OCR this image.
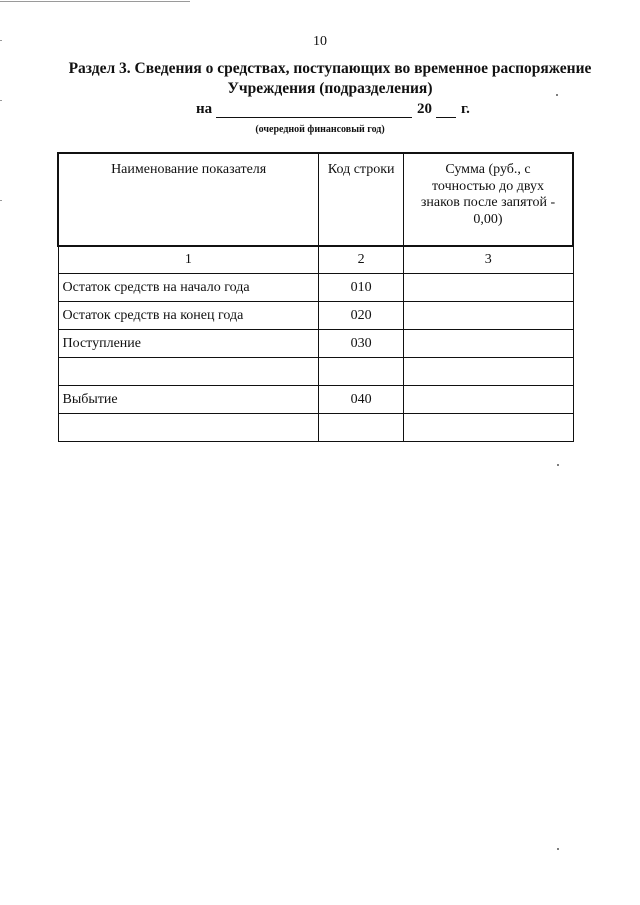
10
Раздел 3. Сведения о средствах, поступающих во временное распоряжение
Учреждения (подразделения)
на	20 г.
(очередной финансовый год)
Наименование показателя	Код строки	Сумма (руб., с точностью до двух знаков после запятой - 0,00)
1	2	3
Остаток средств на начало года	010	
Остаток средств на конец года	020	
Поступление	030	

Выбытие	040	
